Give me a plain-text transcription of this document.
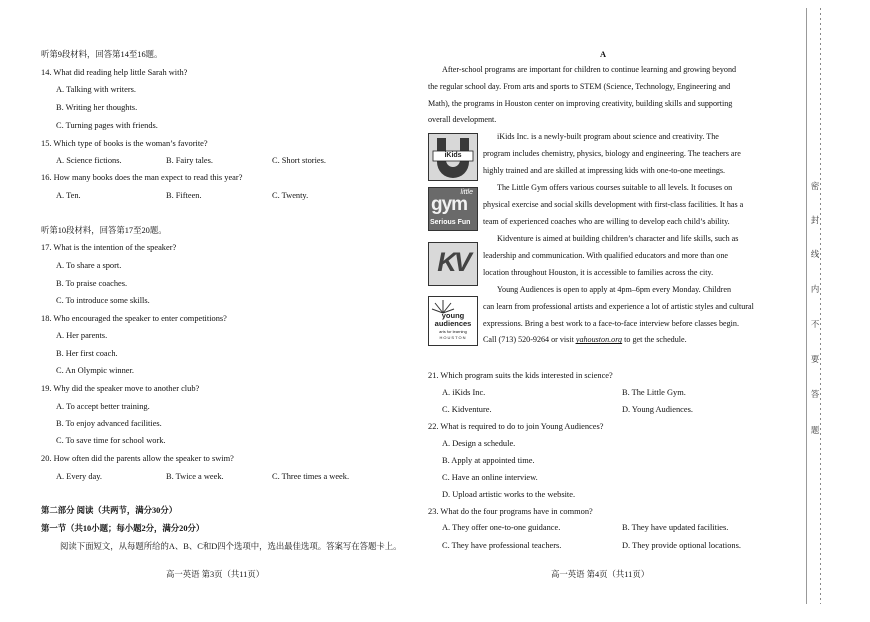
听第9段材料，回答第14至16题。
14. What did reading help little Sarah with?
A. Talking with writers.
B. Writing her thoughts.
C. Turning pages with friends.
15. Which type of books is the woman’s favorite?
A. Science fictions.	B. Fairy tales.	C. Short stories.
16. How many books does the man expect to read this year?
A. Ten.	B. Fifteen.	C. Twenty.
听第10段材料，回答第17至20题。
17. What is the intention of the speaker?
A. To share a sport.
B. To praise coaches.
C. To introduce some skills.
18. Who encouraged the speaker to enter competitions?
A. Her parents.
B. Her first coach.
C. An Olympic winner.
19. Why did the speaker move to another club?
A. To accept better training.
B. To enjoy advanced facilities.
C. To save time for school work.
20. How often did the parents allow the speaker to swim?
A. Every day.	B. Twice a week.	C. Three times a week.
第二部分 阅读（共两节，满分30分）
第一节（共10小题；每小题2分，满分20分）
阅读下面短文，从每题所给的A、B、C和D四个选项中，选出最佳选项。答案写在答题卡上。
高一英语 第3页（共11页）
A
After-school programs are important for children to continue learning and growing beyond
the regular school day. From arts and sports to STEM (Science, Technology, Engineering and
Math), the programs in Houston center on improving creativity, building skills and supporting
overall development.
iKids
iKids Inc. is a newly-built program about science and creativity. The
program includes chemistry, physics, biology and engineering. The teachers are
highly trained and are skilled at impressing kids with one-to-one meetings.
little
gym
Serious Fun
The Little Gym offers various courses suitable to all levels. It focuses on
physical exercise and social skills development with first-class facilities. It has a
team of experienced coaches who are willing to develop each child’s ability.
KV
Kidventure is aimed at building children’s character and life skills, such as
leadership and communication. With qualified educators and more than one
location throughout Houston, it is accessible to families across the city.
young
audiences
arts for learning
HOUSTON
Young Audiences is open to apply at 4pm–6pm every Monday. Children
can learn from professional artists and experience a lot of artistic styles and cultural
expressions. Bring a best work to a face-to-face interview before classes begin.
Call (713) 520-9264 or visit yahouston.org to get the schedule.
21. Which program suits the kids interested in science?
A. iKids Inc.	B. The Little Gym.
C. Kidventure.	D. Young Audiences.
22. What is required to do to join Young Audiences?
A. Design a schedule.
B. Apply at appointed time.
C. Have an online interview.
D. Upload artistic works to the website.
23. What do the four programs have in common?
A. They offer one-to-one guidance.	B. They have updated facilities.
C. They have professional teachers.	D. They provide optional locations.
高一英语 第4页（共11页）
密
封
线
内
不
要
答
题
